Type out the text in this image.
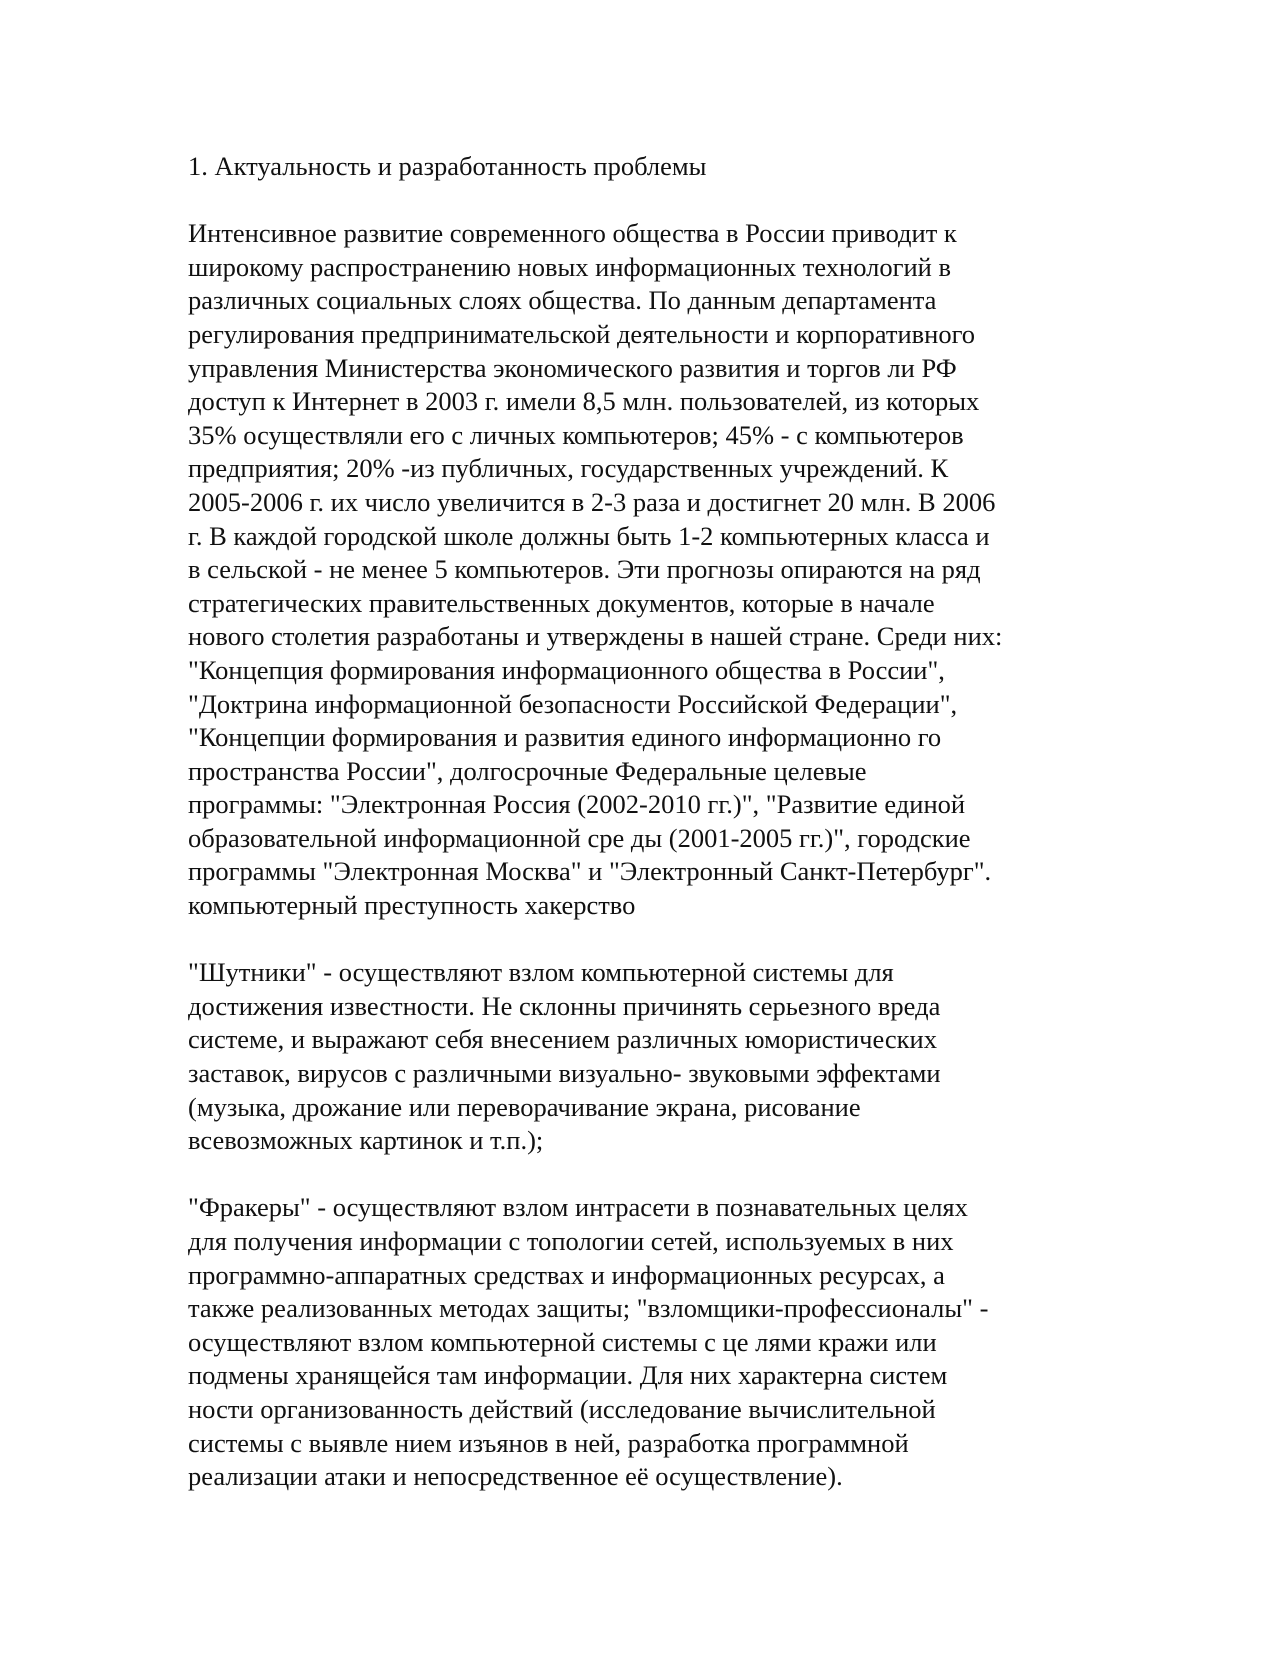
1. Актуальность и разработанность проблемы
Интенсивное развитие современного общества в России приводит к
широкому распространению новых информационных технологий в
различных социальных слоях общества. По данным департамента
регулирования предпринимательской деятельности и корпоративного
управления Министерства экономического развития и торгов ли РФ
доступ к Интернет в 2003 г. имели 8,5 млн. пользователей, из которых
35% осуществляли его с личных компьютеров; 45% - с компьютеров
предприятия; 20% -из публичных, государственных учреждений. К
2005-2006 г. их число увеличится в 2-3 раза и достигнет 20 млн. В 2006
г. В каждой городской школе должны быть 1-2 компьютерных класса и
в сельской - не менее 5 компьютеров. Эти прогнозы опираются на ряд
стратегических правительственных документов, которые в начале
нового столетия разработаны и утверждены в нашей стране. Среди них:
"Концепция формирования информационного общества в России",
"Доктрина информационной безопасности Российской Федерации",
"Концепции формирования и развития единого информационно го
пространства России", долгосрочные Федеральные целевые
программы: "Электронная Россия (2002-2010 гг.)", "Развитие единой
образовательной информационной сре ды (2001-2005 гг.)", городские
программы "Электронная Москва" и "Электронный Санкт-Петербург".
компьютерный преступность хакерство
"Шутники" - осуществляют взлом компьютерной системы для
достижения известности. Не склонны причинять серьезного вреда
системе, и выражают себя внесением различных юмористических
заставок, вирусов с различными визуально- звуковыми эффектами
(музыка, дрожание или переворачивание экрана, рисование
всевозможных картинок и т.п.);
"Фракеры" - осуществляют взлом интрасети в познавательных целях
для получения информации с топологии сетей, используемых в них
программно-аппаратных средствах и информационных ресурсах, а
также реализованных методах защиты; "взломщики-профессионалы" -
осуществляют взлом компьютерной системы с це лями кражи или
подмены хранящейся там информации. Для них характерна систем
ности организованность действий (исследование вычислительной
системы с выявле нием изъянов в ней, разработка программной
реализации атаки и непосредственное её осуществление).
